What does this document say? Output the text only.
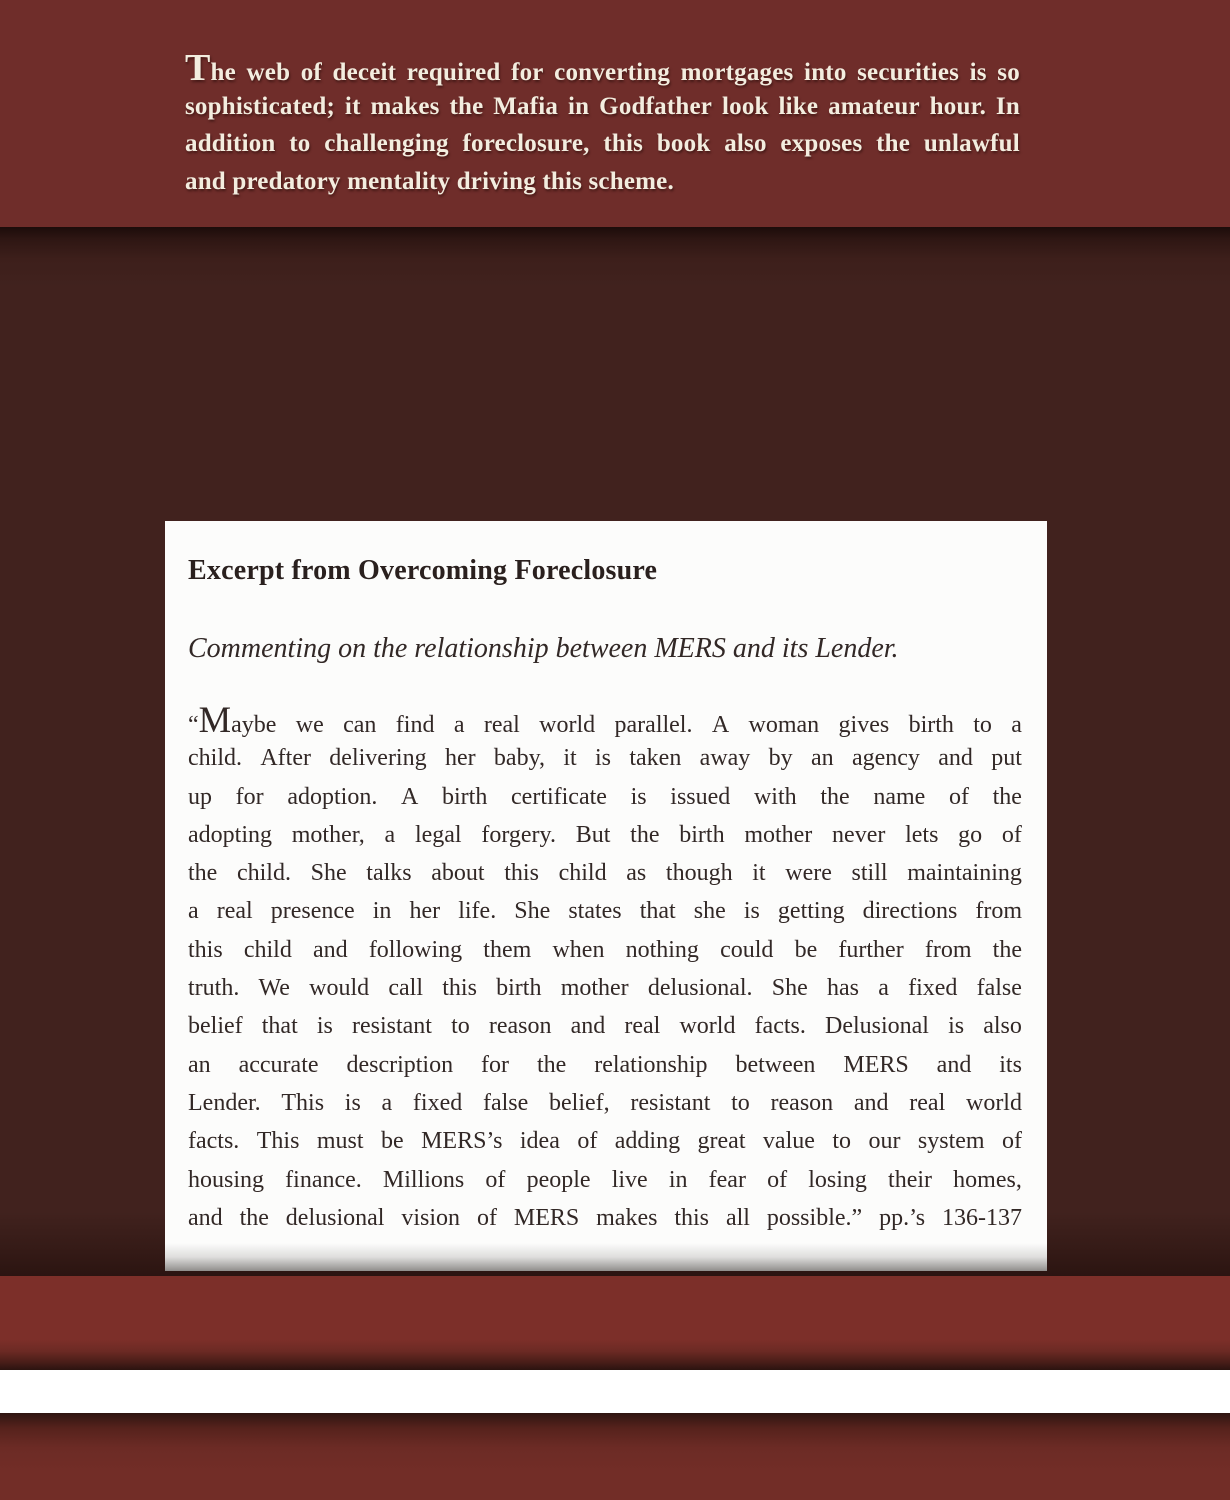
The web of deceit required for converting mortgages into securities is so
sophisticated; it makes the Mafia in Godfather look like amateur hour. In
addition to challenging foreclosure, this book also exposes the unlawful
and predatory mentality driving this scheme.
Excerpt from Overcoming Foreclosure
Commenting on the relationship between MERS and its Lender.
“Maybe we can find a real world parallel. A woman gives birth to a
child. After delivering her baby, it is taken away by an agency and put
up for adoption. A birth certificate is issued with the name of the
adopting mother, a legal forgery. But the birth mother never lets go of
the child. She talks about this child as though it were still maintaining
a real presence in her life. She states that she is getting directions from
this child and following them when nothing could be further from the
truth. We would call this birth mother delusional. She has a fixed false
belief that is resistant to reason and real world facts. Delusional is also
an accurate description for the relationship between MERS and its
Lender. This is a fixed false belief, resistant to reason and real world
facts. This must be MERS’s idea of adding great value to our system of
housing finance. Millions of people live in fear of losing their homes,
and the delusional vision of MERS makes this all possible.” pp.’s 136-137
